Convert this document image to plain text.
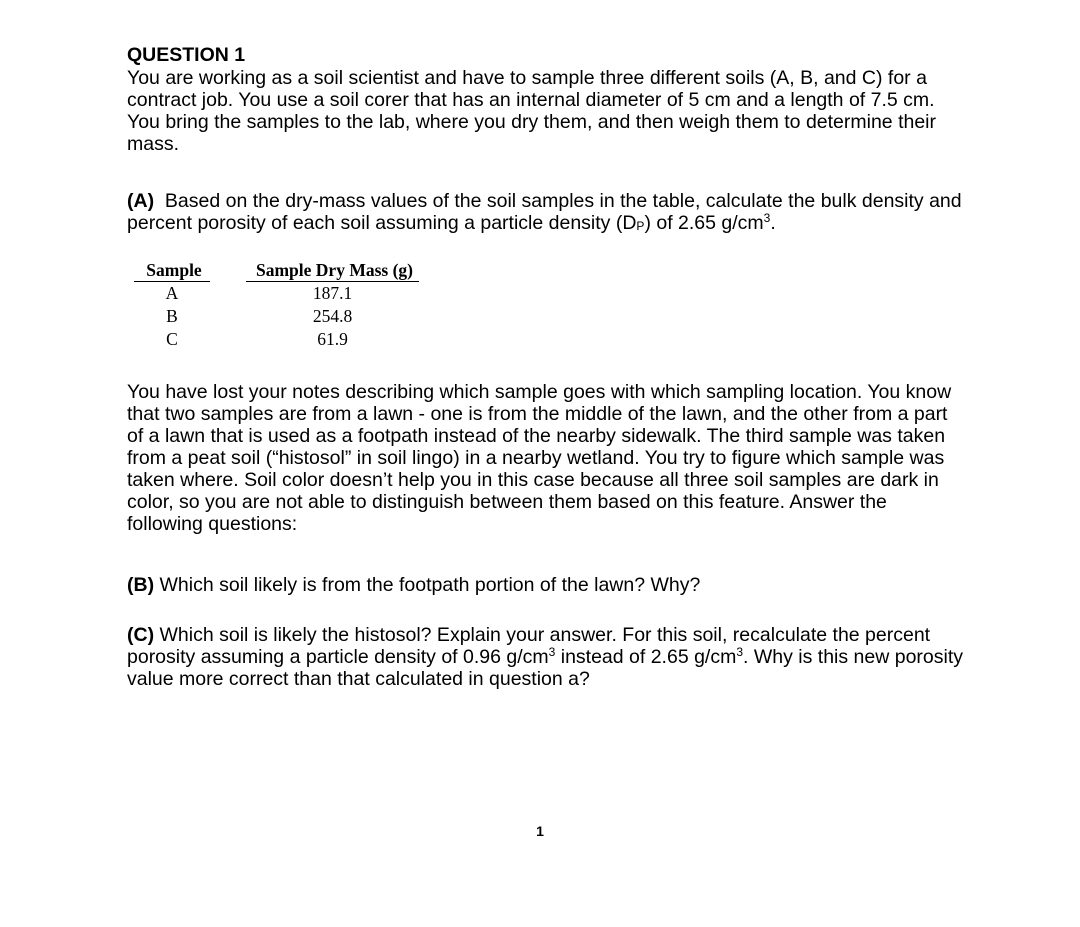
QUESTION 1

You are working as a soil scientist and have to sample three different soils (A, B, and C) for a contract job. You use a soil corer that has an internal diameter of 5 cm and a length of 7.5 cm. You bring the samples to the lab, where you dry them, and then weigh them to determine their mass.

(A) Based on the dry-mass values of the soil samples in the table, calculate the bulk density and percent porosity of each soil assuming a particle density $(D_P)$ of 2.65 $g/cm^3$.

Sample		Sample Dry Mass (g)
A		187.1
B		254.8
C		61.9

You have lost your notes describing which sample goes with which sampling location. You know that two samples are from a lawn - one is from the middle of the lawn, and the other from a part of a lawn that is used as a footpath instead of the nearby sidewalk. The third sample was taken from a peat soil (“histosol” in soil lingo) in a nearby wetland. You try to figure which sample was taken where. Soil color doesn’t help you in this case because all three soil samples are dark in color, so you are not able to distinguish between them based on this feature. Answer the following questions:

(B) Which soil likely is from the footpath portion of the lawn? Why?

(C) Which soil is likely the histosol? Explain your answer. For this soil, recalculate the percent porosity assuming a particle density of 0.96 $g/cm^3$ instead of 2.65 $g/cm^3$. Why is this new porosity value more correct than that calculated in question a?

1
